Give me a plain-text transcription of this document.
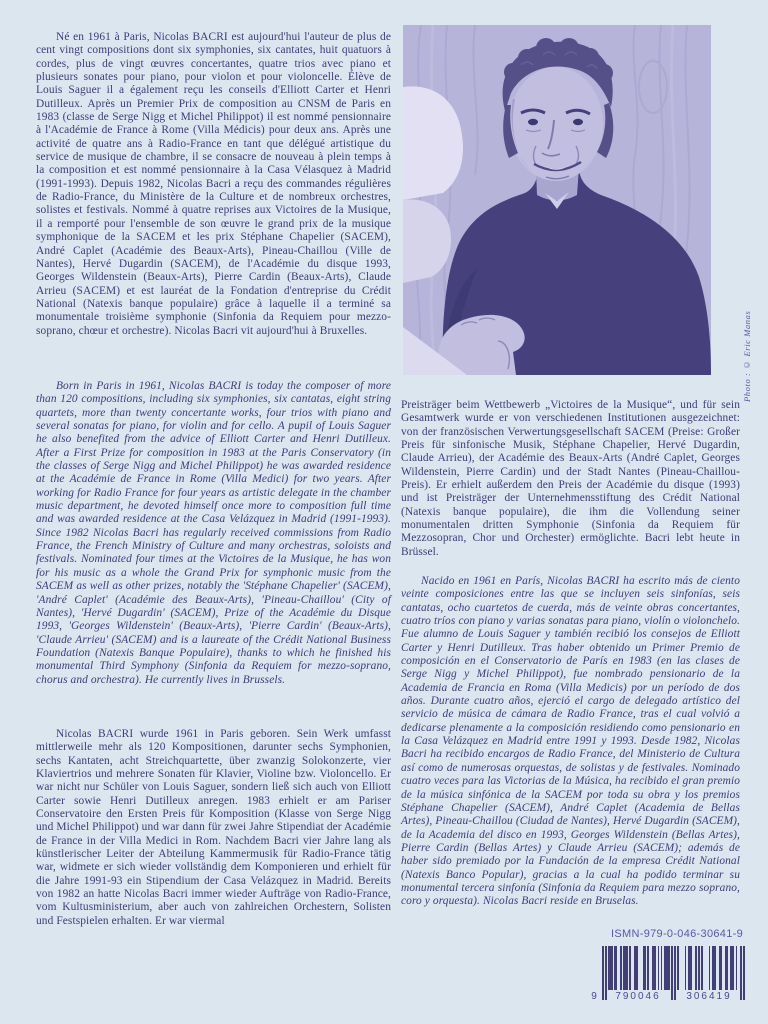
Né en 1961 à Paris, Nicolas BACRI est aujourd'hui l'auteur de plus de cent vingt compositions dont six symphonies, six cantates, huit quatuors à cordes, plus de vingt œuvres concertantes, quatre trios avec piano et plusieurs sonates pour piano, pour violon et pour violoncelle. Élève de Louis Saguer il a également reçu les conseils d'Elliott Carter et Henri Dutilleux. Après un Premier Prix de composition au CNSM de Paris en 1983 (classe de Serge Nigg et Michel Philippot) il est nommé pensionnaire à l'Académie de France à Rome (Villa Médicis) pour deux ans. Après une activité de quatre ans à Radio-France en tant que délégué artistique du service de musique de chambre, il se consacre de nouveau à plein temps à la composition et est nommé pensionnaire à la Casa Vélasquez à Madrid (1991-1993). Depuis 1982, Nicolas Bacri a reçu des commandes régulières de Radio-France, du Ministère de la Culture et de nombreux orchestres, solistes et festivals. Nommé à quatre reprises aux Victoires de la Musique, il a remporté pour l'ensemble de son œuvre le grand prix de la musique symphonique de la SACEM et les prix Stéphane Chapelier (SACEM), André Caplet (Académie des Beaux-Arts), Pineau-Chaillou (Ville de Nantes), Hervé Dugardin (SACEM), de l'Académie du disque 1993, Georges Wildenstein (Beaux-Arts), Pierre Cardin (Beaux-Arts), Claude Arrieu (SACEM) et est lauréat de la Fondation d'entreprise du Crédit National (Natexis banque populaire) grâce à laquelle il a terminé sa monumentale troisième symphonie (Sinfonia da Requiem pour mezzo-soprano, chœur et orchestre). Nicolas Bacri vit aujourd'hui à Bruxelles.
Born in Paris in 1961, Nicolas BACRI is today the composer of more than 120 compositions, including six symphonies, six cantatas, eight string quartets, more than twenty concertante works, four trios with piano and several sonatas for piano, for violin and for cello. A pupil of Louis Saguer he also benefited from the advice of Elliott Carter and Henri Dutilleux. After a First Prize for composition in 1983 at the Paris Conservatory (in the classes of Serge Nigg and Michel Philippot) he was awarded residence at the Académie de France in Rome (Villa Medici) for two years. After working for Radio France for four years as artistic delegate in the chamber music department, he devoted himself once more to composition full time and was awarded residence at the Casa Velázquez in Madrid (1991-1993). Since 1982 Nicolas Bacri has regularly received commissions from Radio France, the French Ministry of Culture and many orchestras, soloists and festivals. Nominated four times at the Victoires de la Musique, he has won for his music as a whole the Grand Prix for symphonic music from the SACEM as well as other prizes, notably the 'Stéphane Chapelier' (SACEM), 'André Caplet' (Académie des Beaux-Arts), 'Pineau-Chaillou' (City of Nantes), 'Hervé Dugardin' (SACEM), Prize of the Académie du Disque 1993, 'Georges Wildenstein' (Beaux-Arts), 'Pierre Cardin' (Beaux-Arts), 'Claude Arrieu' (SACEM) and is a laureate of the Crédit National Business Foundation (Natexis Banque Populaire), thanks to which he finished his monumental Third Symphony (Sinfonia da Requiem for mezzo-soprano, chorus and orchestra). He currently lives in Brussels.
Nicolas BACRI wurde 1961 in Paris geboren. Sein Werk umfasst mittlerweile mehr als 120 Kompositionen, darunter sechs Symphonien, sechs Kantaten, acht Streichquartette, über zwanzig Solokonzerte, vier Klaviertrios und mehrere Sonaten für Klavier, Violine bzw. Violoncello. Er war nicht nur Schüler von Louis Saguer, sondern ließ sich auch von Elliott Carter sowie Henri Dutilleux anregen. 1983 erhielt er am Pariser Conservatoire den Ersten Preis für Komposition (Klasse von Serge Nigg und Michel Philippot) und war dann für zwei Jahre Stipendiat der Académie de France in der Villa Medici in Rom. Nachdem Bacri vier Jahre lang als künstlerischer Leiter der Abteilung Kammermusik für Radio-France tätig war, widmete er sich wieder vollständig dem Komponieren und erhielt für die Jahre 1991-93 ein Stipendium der Casa Velázquez in Madrid. Bereits von 1982 an hatte Nicolas Bacri immer wieder Aufträge von Radio-France, vom Kultusministerium, aber auch von zahlreichen Orchestern, Solisten und Festspielen erhalten. Er war viermal
Preisträger beim Wettbewerb „Victoires de la Musique“, und für sein Gesamtwerk wurde er von verschiedenen Institutionen ausgezeichnet: von der französischen Verwertungsgesellschaft SACEM (Preise: Großer Preis für sinfonische Musik, Stéphane Chapelier, Hervé Dugardin, Claude Arrieu), der Académie des Beaux-Arts (André Caplet, Georges Wildenstein, Pierre Cardin) und der Stadt Nantes (Pineau-Chaillou-Preis). Er erhielt außerdem den Preis der Académie du disque (1993) und ist Preisträger der Unternehmensstiftung des Crédit National (Natexis banque populaire), die ihm die Vollendung seiner monumentalen dritten Symphonie (Sinfonia da Requiem für Mezzosopran, Chor und Orchester) ermöglichte. Bacri lebt heute in Brüssel.
Nacido en 1961 en París, Nicolas BACRI ha escrito más de ciento veinte composiciones entre las que se incluyen seis sinfonías, seis cantatas, ocho cuartetos de cuerda, más de veinte obras concertantes, cuatro tríos con piano y varias sonatas para piano, violín o violonchelo. Fue alumno de Louis Saguer y también recibió los consejos de Elliott Carter y Henri Dutilleux. Tras haber obtenido un Primer Premio de composición en el Conservatorio de París en 1983 (en las clases de Serge Nigg y Michel Philippot), fue nombrado pensionario de la Academia de Francia en Roma (Villa Medicis) por un período de dos años. Durante cuatro años, ejerció el cargo de delegado artístico del servicio de música de cámara de Radio France, tras el cual volvió a dedicarse plenamente a la composición residiendo como pensionario en la Casa Velázquez en Madrid entre 1991 y 1993. Desde 1982, Nicolas Bacri ha recibido encargos de Radio France, del Ministerio de Cultura así como de numerosas orquestas, de solistas y de festivales. Nominado cuatro veces para las Victorias de la Música, ha recibido el gran premio de la música sinfónica de la SACEM por toda su obra y los premios Stéphane Chapelier (SACEM), André Caplet (Academia de Bellas Artes), Pineau-Chaillou (Ciudad de Nantes), Hervé Dugardin (SACEM), de la Academia del disco en 1993, Georges Wildenstein (Bellas Artes), Pierre Cardin (Bellas Artes) y Claude Arrieu (SACEM); además de haber sido premiado por la Fundación de la empresa Crédit National (Natexis Banco Popular), gracias a la cual ha podido terminar su monumental tercera sinfonía (Sinfonia da Requiem para mezzo soprano, coro y orquesta). Nicolas Bacri reside en Bruselas.
Photo : © Eric Manas
ISMN-979-0-046-30641-9
9	790046	306419
